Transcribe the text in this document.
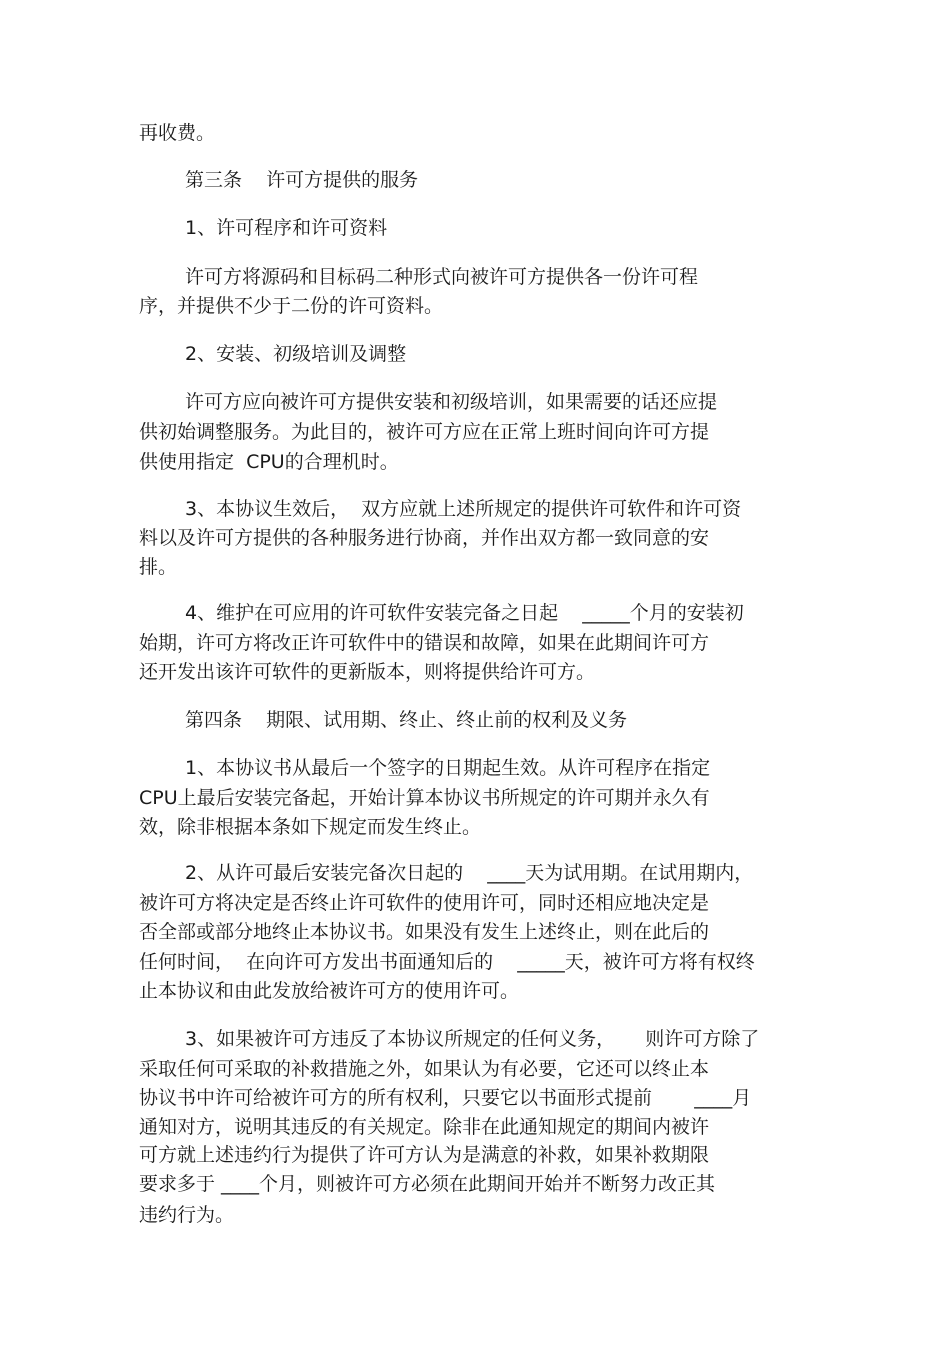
再收费。

第三条    许可方提供的服务

1、许可程序和许可资料

许可方将源码和目标码二种形式向被许可方提供各一份许可程

序，并提供不少于二份的许可资料。

2、安装、初级培训及调整

许可方应向被许可方提供安装和初级培训，如果需要的话还应提

供初始调整服务。为此目的，被许可方应在正常上班时间向许可方提

供使用指定  CPU的合理机时。

3、本协议生效后，  双方应就上述所规定的提供许可软件和许可资

料以及许可方提供的各种服务进行协商，并作出双方都一致同意的安

排。

4、维护在可应用的许可软件安装完备之日起    _____个月的安装初

始期，许可方将改正许可软件中的错误和故障，如果在此期间许可方

还开发出该许可软件的更新版本，则将提供给许可方。

第四条    期限、试用期、终止、终止前的权利及义务

1、本协议书从最后一个签字的日期起生效。从许可程序在指定

CPU上最后安装完备起，开始计算本协议书所规定的许可期并永久有

效，除非根据本条如下规定而发生终止。

2、从许可最后安装完备次日起的    ____天为试用期。在试用期内，

被许可方将决定是否终止许可软件的使用许可，同时还相应地决定是

否全部或部分地终止本协议书。如果没有发生上述终止，则在此后的

任何时间，  在向许可方发出书面通知后的    _____天，被许可方将有权终

止本协议和由此发放给被许可方的使用许可。

3、如果被许可方违反了本协议所规定的任何义务，     则许可方除了

采取任何可采取的补救措施之外，如果认为有必要，它还可以终止本

协议书中许可给被许可方的所有权利，只要它以书面形式提前       ____月

通知对方，说明其违反的有关规定。除非在此通知规定的期间内被许

可方就上述违约行为提供了许可方认为是满意的补救，如果补救期限

要求多于 ____个月，则被许可方必须在此期间开始并不断努力改正其

违约行为。
